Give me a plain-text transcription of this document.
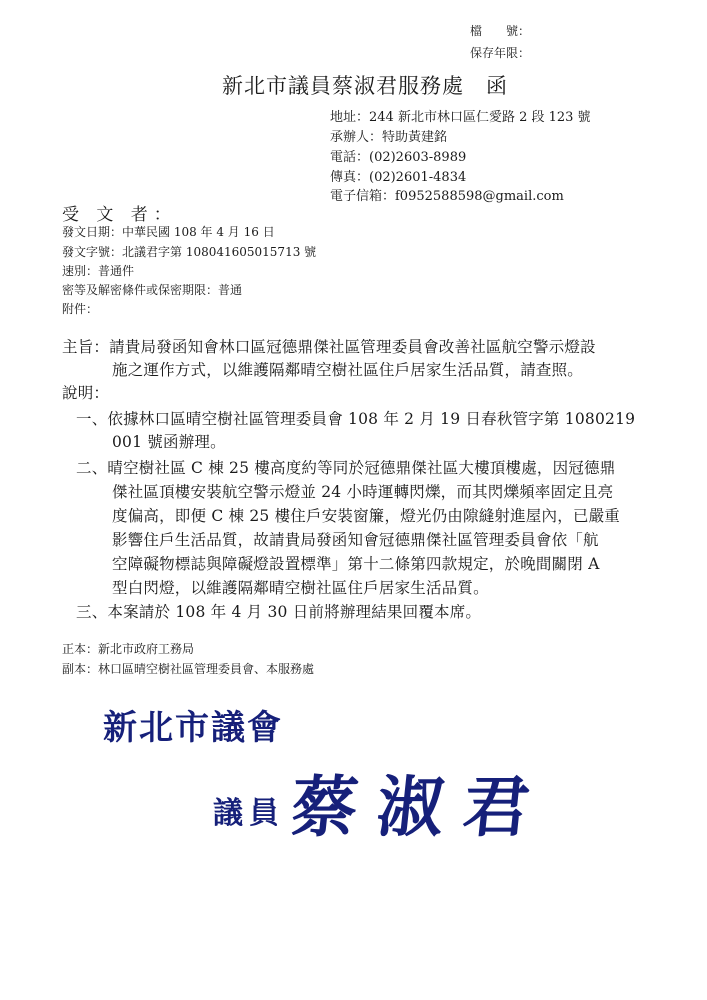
檔　　號：
保存年限：
新北市議員蔡淑君服務處　函
地址：244 新北市林口區仁愛路 2 段 123 號
承辦人：特助黃建銘
電話：(02)2603-8989
傳真：(02)2601-4834
電子信箱：f0952588598@gmail.com
受 文 者：
發文日期：中華民國 108 年 4 月 16 日
發文字號：北議君字第 108041605015713 號
速別：普通件
密等及解密條件或保密期限：普通
附件：
主旨：請貴局發函知會林口區冠德鼎傑社區管理委員會改善社區航空警示燈設
施之運作方式，以維護隔鄰晴空樹社區住戶居家生活品質，請查照。
說明：
一、依據林口區晴空樹社區管理委員會 108 年 2 月 19 日春秋管字第 1080219
001 號函辦理。
二、晴空樹社區 C 棟 25 樓高度約等同於冠德鼎傑社區大樓頂樓處，因冠德鼎
傑社區頂樓安裝航空警示燈並 24 小時運轉閃爍，而其閃爍頻率固定且亮
度偏高，即便 C 棟 25 樓住戶安裝窗簾，燈光仍由隙縫射進屋內，已嚴重
影響住戶生活品質，故請貴局發函知會冠德鼎傑社區管理委員會依「航
空障礙物標誌與障礙燈設置標準」第十二條第四款規定，於晚間關閉 A
型白閃燈，以維護隔鄰晴空樹社區住戶居家生活品質。
三、本案請於 108 年 4 月 30 日前將辦理結果回覆本席。
正本：新北市政府工務局
副本：林口區晴空樹社區管理委員會、本服務處
新北市議會
議員 蔡淑君
